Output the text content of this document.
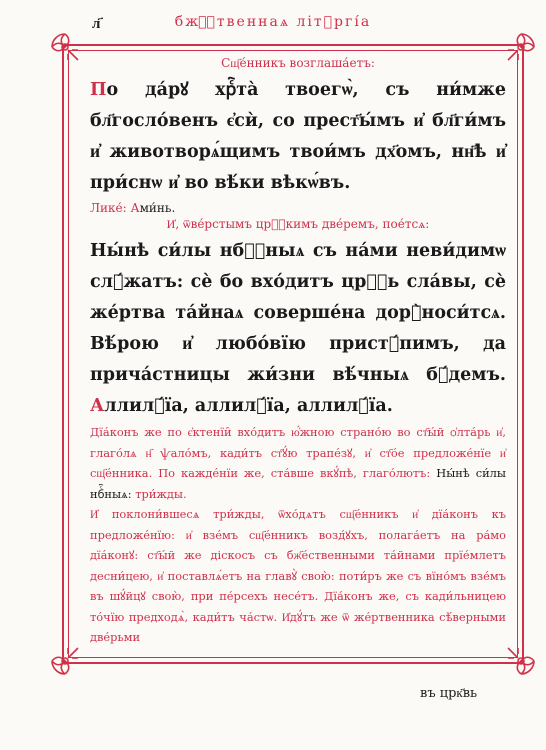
л҃	бжⷭ҇твеннаѧ літꙋргі́а
Сщ҃е́нникъ возглаша́етъ:
По да́рꙋ хрⷭ҇та̀ твоегѡ̀, съ ни́мже бл҃госло́венъ є҆сѝ, со прест҃ы́мъ и҆ бл҃ги́мъ и҆ животворѧ́щимъ твои́мъ дх҃омъ, нн҃ѣ и҆ при́снѡ и҆ во вѣ́ки вѣкѡ́въ.
Лике́: Ами́нь.
И҆, ѿве́рстымъ црⷭ҇кимъ две́ремъ, пое́тсѧ:
Ны́нѣ си́лы нбⷭ҇ныѧ съ на́ми неви́димѡ слꙋ́жатъ: сѐ бо вхо́дитъ црⷭ҇ь сла́вы, сѐ же́ртва та́йнаѧ соверше́на дорꙋ̀носи́тсѧ. Вѣ́рою и҆ любо́вїю пристꙋ́пимъ, да прича́стницы жи́зни вѣ́чныѧ бꙋ́демъ. Аллилꙋ́їа, аллилꙋ́їа, аллилꙋ́їа.
Дїа́конъ же по є҆ктенїи̑ вхо́дитъ ю҆́жною страно́ю во ст҃ы́й ѻ҆лта́рь и҆, глаго́лѧ н҃ ѱало́мъ, кади́тъ ст҃ꙋ́ю трапе́зꙋ, и҆ ст҃о́е предложе́нїе и҆ сщ҃е́нника. По кажде́нїи же, ста́вше вкꙋ́пѣ, глаго́лютъ: Ны́нѣ си́лы нбⷭ҇ныѧ: три́жды.
И҆ поклони́вшесѧ три́жды, ѿхо́дѧтъ сщ҃е́нникъ и҆ дїа́конъ къ предложе́нїю: и҆ взе́мъ сщ҃е́нникъ возд́ꙋхъ, полага́етъ на ра́мо дїа́конꙋ: ст҃ы́й же діскосъ съ бж҃е́ственными та́йнами прїе́млетъ десни́цею, и҆ поставлѧ́етъ на главꙋ̀ свою̀: поти́ръ же съ вїно́мъ взе́мъ въ шꙋ́йцꙋ свою̀, при пе́рсехъ несе́тъ. Дїа́конъ же, съ кади́льницею то́чїю предходѧ̀, кади́тъ ча́стѡ. И҆дꙋ́тъ же ѿ же́ртвенника сѣ́верными две́рьми
въ црк҃вь
